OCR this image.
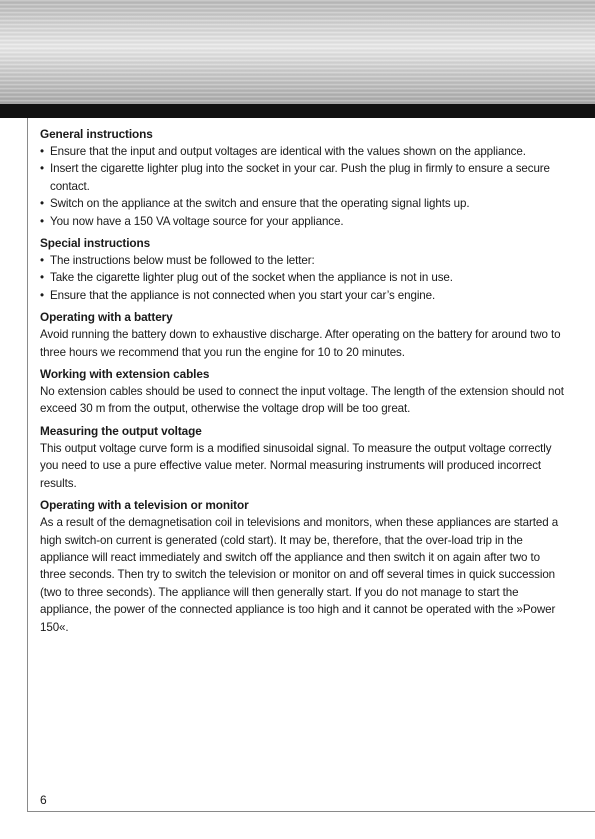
General instructions
• Ensure that the input and output voltages are identical with the values shown on the appliance.
• Insert the cigarette lighter plug into the socket in your car. Push the plug in firmly to ensure a secure contact.
• Switch on the appliance at the switch and ensure that the operating signal lights up.
• You now have a 150 VA voltage source for your appliance.
Special instructions
• The instructions below must be followed to the letter:
• Take the cigarette lighter plug out of the socket when the appliance is not in use.
• Ensure that the appliance is not connected when you start your car’s engine.
Operating with a battery

Avoid running the battery down to exhaustive discharge. After operating on the battery for around two to three hours we recommend that you run the engine for 10 to 20 minutes.

Working with extension cables

No extension cables should be used to connect the input voltage. The length of the extension should not exceed 30 m from the output, otherwise the voltage drop will be too great.

Measuring the output voltage

This output voltage curve form is a modified sinusoidal signal. To measure the output voltage correctly you need to use a pure effective value meter. Normal measuring instruments will produced incorrect results.

Operating with a television or monitor

As a result of the demagnetisation coil in televisions and monitors, when these appliances are started a high switch-on current is generated (cold start). It may be, therefore, that the over-load trip in the appliance will react immediately and switch off the appliance and then switch it on again after two to three seconds. Then try to switch the television or monitor on and off several times in quick succession (two to three seconds). The appliance will then generally start. If you do not manage to start the appliance, the power of the connected appliance is too high and it cannot be operated with the »Power 150«.

6
